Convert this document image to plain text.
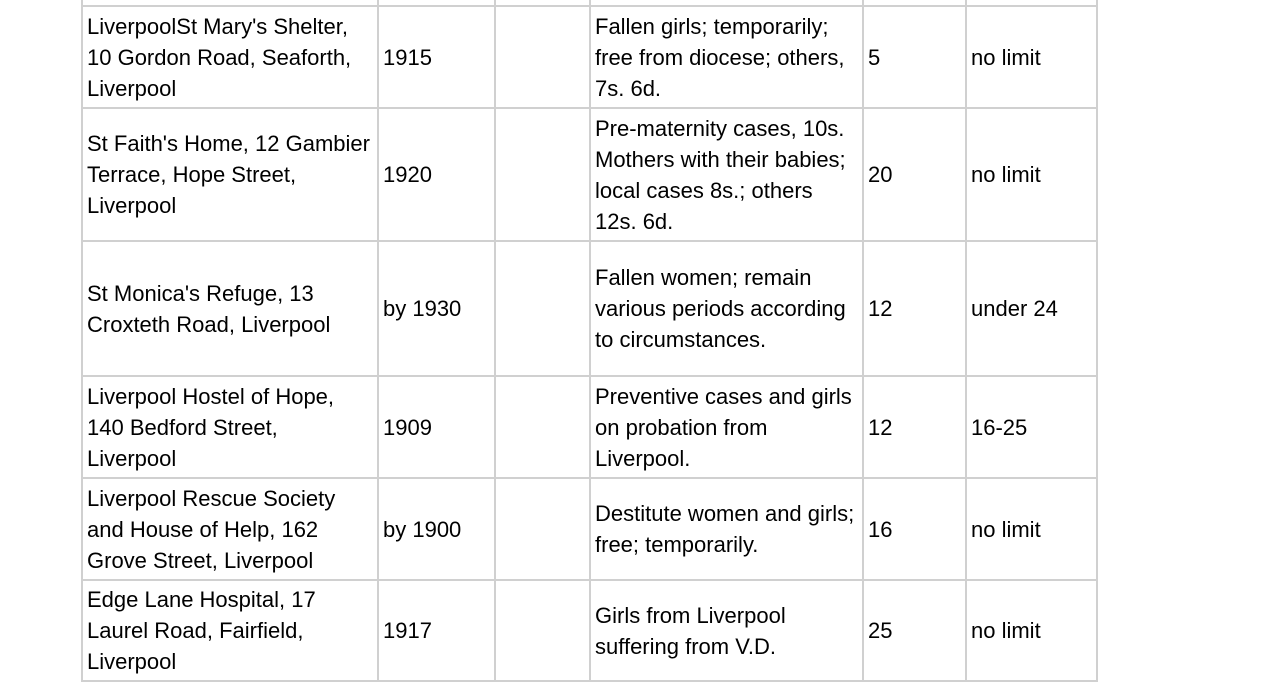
LiverpoolSt Mary's Shelter, 10 Gordon Road, Seaforth, Liverpool	1915		Fallen girls; temporarily; free from diocese; others, 7s. 6d.	5	no limit
St Faith's Home, 12 Gambier Terrace, Hope Street, Liverpool	1920		Pre-maternity cases, 10s. Mothers with their babies; local cases 8s.; others 12s. 6d.	20	no limit
St Monica's Refuge, 13 Croxteth Road, Liverpool	by 1930		Fallen women; remain various periods according to circumstances.	12	under 24
Liverpool Hostel of Hope, 140 Bedford Street, Liverpool	1909		Preventive cases and girls on probation from Liverpool.	12	16-25
Liverpool Rescue Society and House of Help, 162 Grove Street, Liverpool	by 1900		Destitute women and girls; free; temporarily.	16	no limit
Edge Lane Hospital, 17 Laurel Road, Fairfield, Liverpool	1917		Girls from Liverpool suffering from V.D.	25	no limit
